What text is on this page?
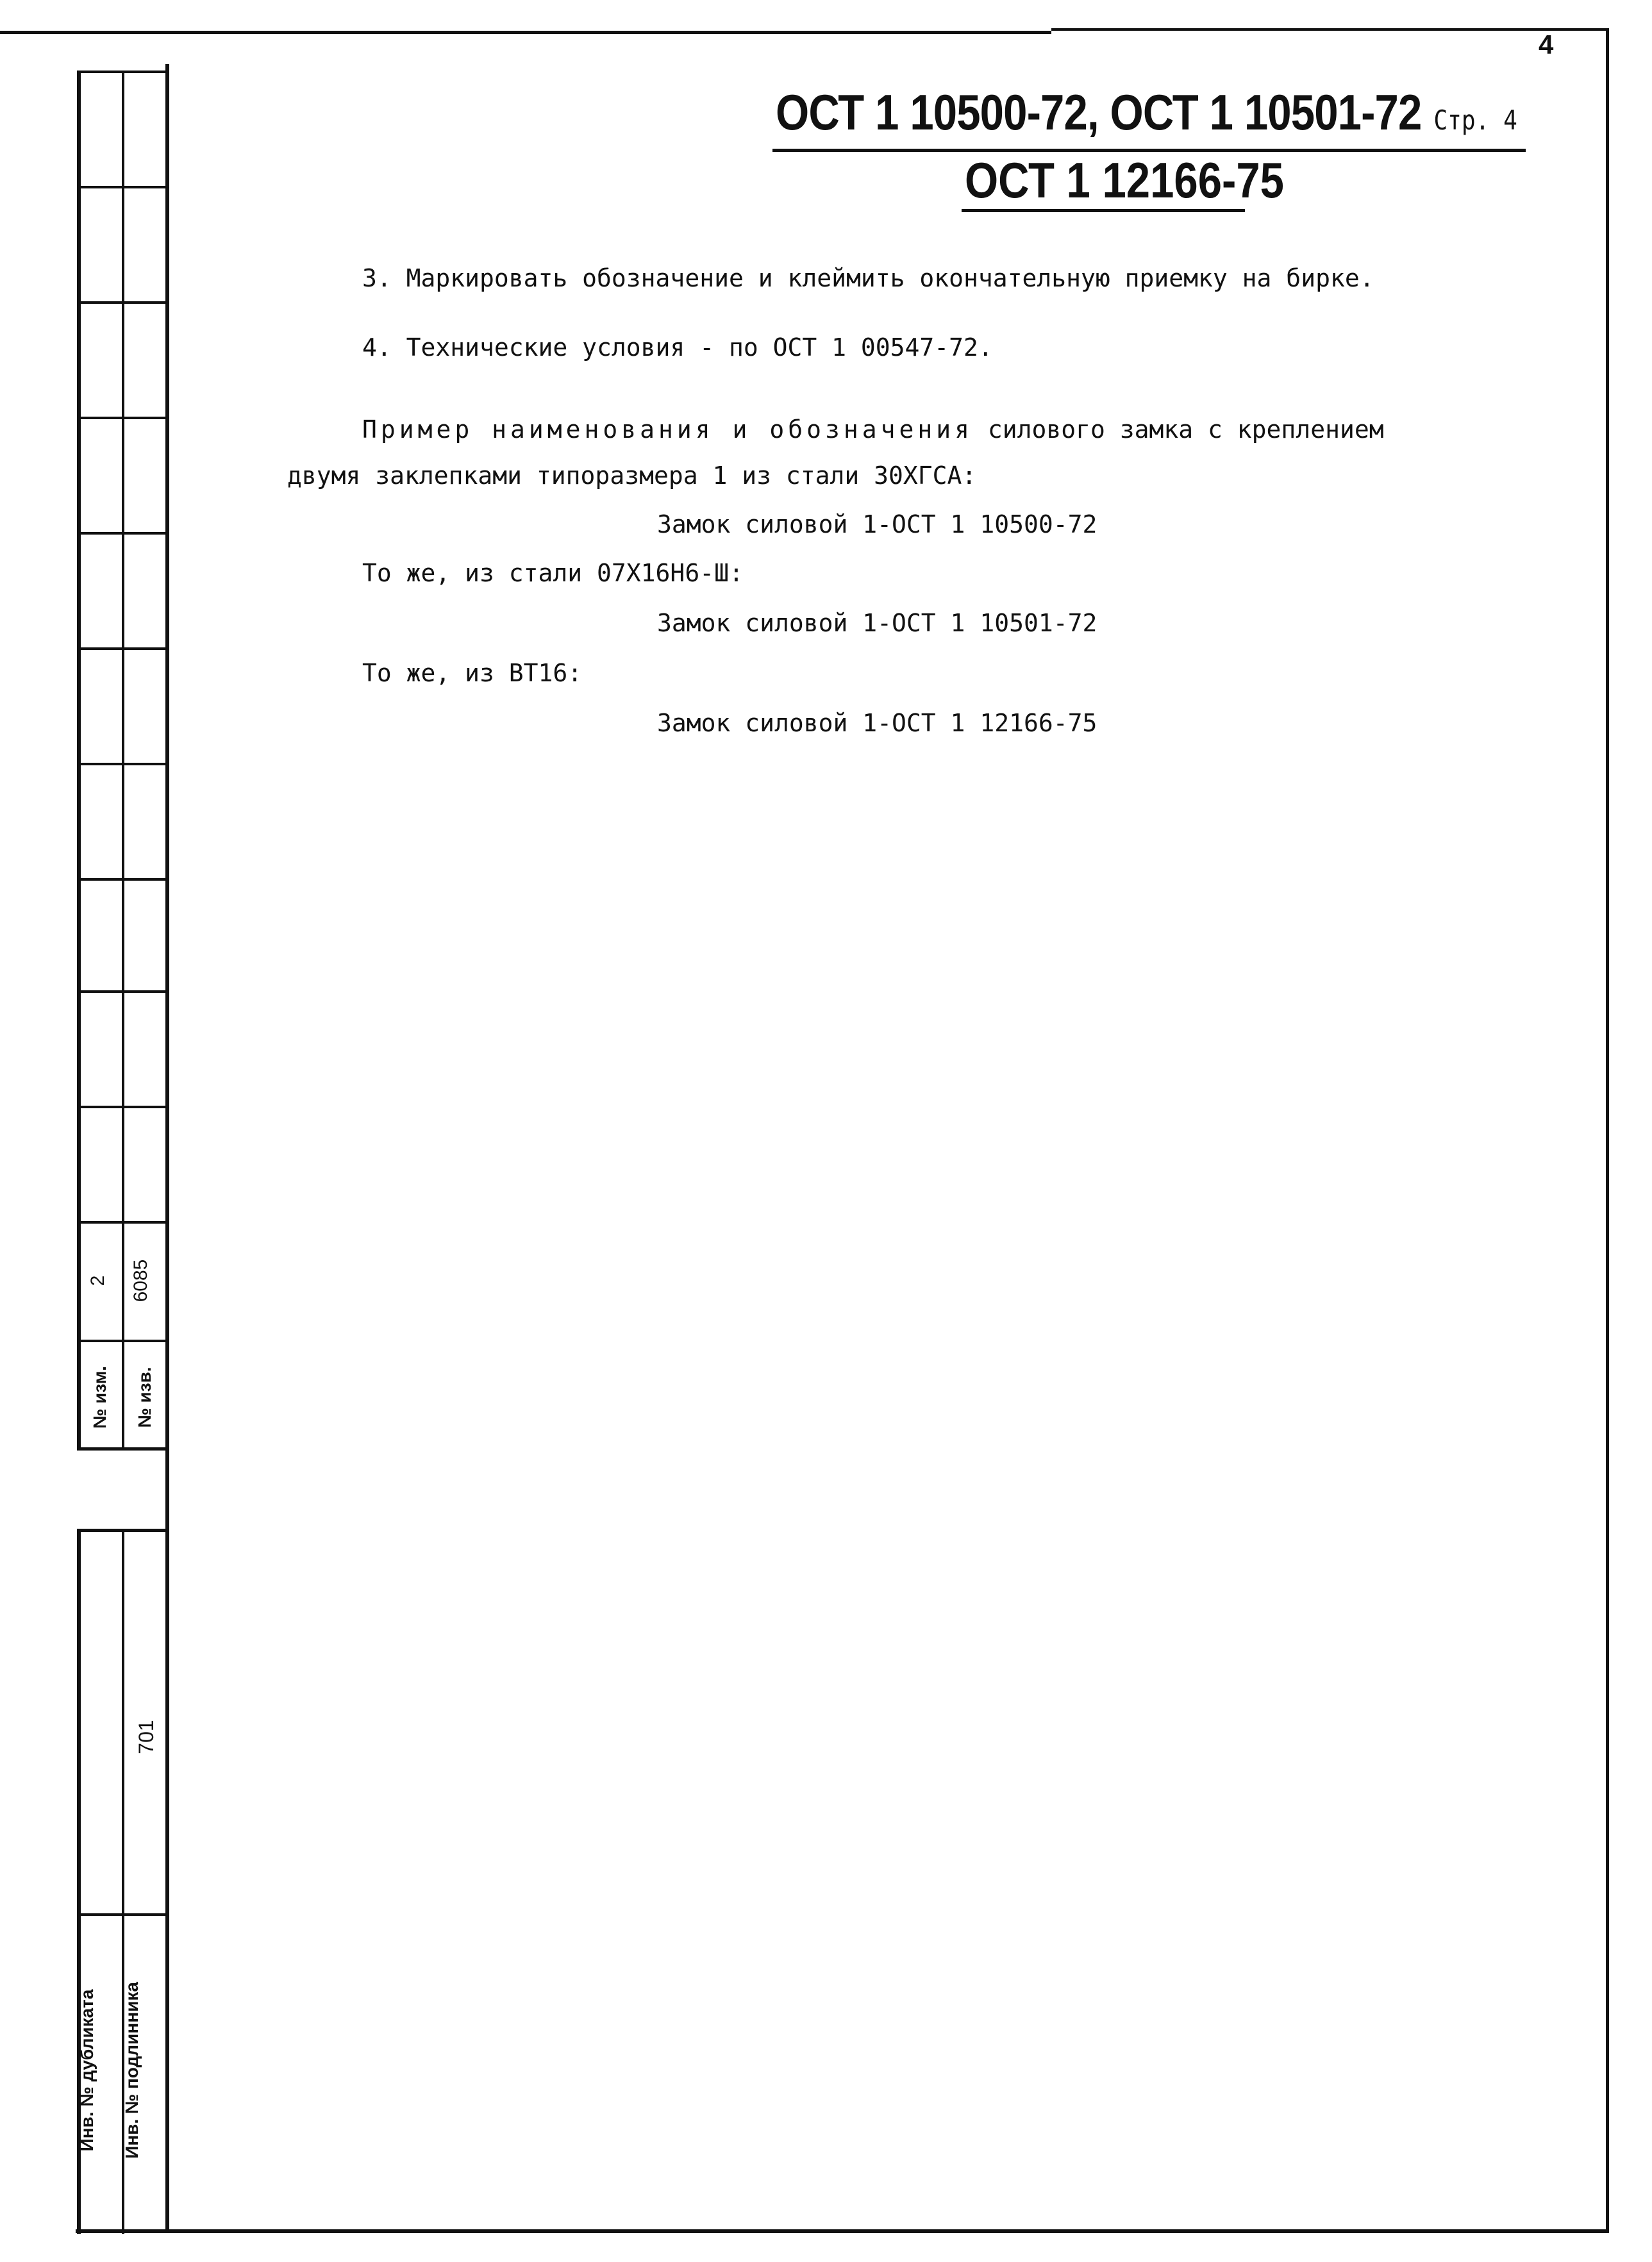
4
ОСТ 1 10500-72, ОСТ 1 10501-72 Стр. 4
ОСТ 1 12166-75
3. Маркировать обозначение и клеймить окончательную приемку на бирке.
4. Технические условия - по ОСТ 1 00547-72.
Пример наименования и обозначения силового замка с креплением
двумя заклепками типоразмера 1 из стали 30ХГСА:
Замок силовой 1-ОСТ 1 10500-72
То же, из стали 07Х16Н6-Ш:
Замок силовой 1-ОСТ 1 10501-72
То же, из ВТ16:
Замок силовой 1-ОСТ 1 12166-75
2 6085
№ изм.	№ изв.
701
Инв. № дубликата	Инв. № подлинника
